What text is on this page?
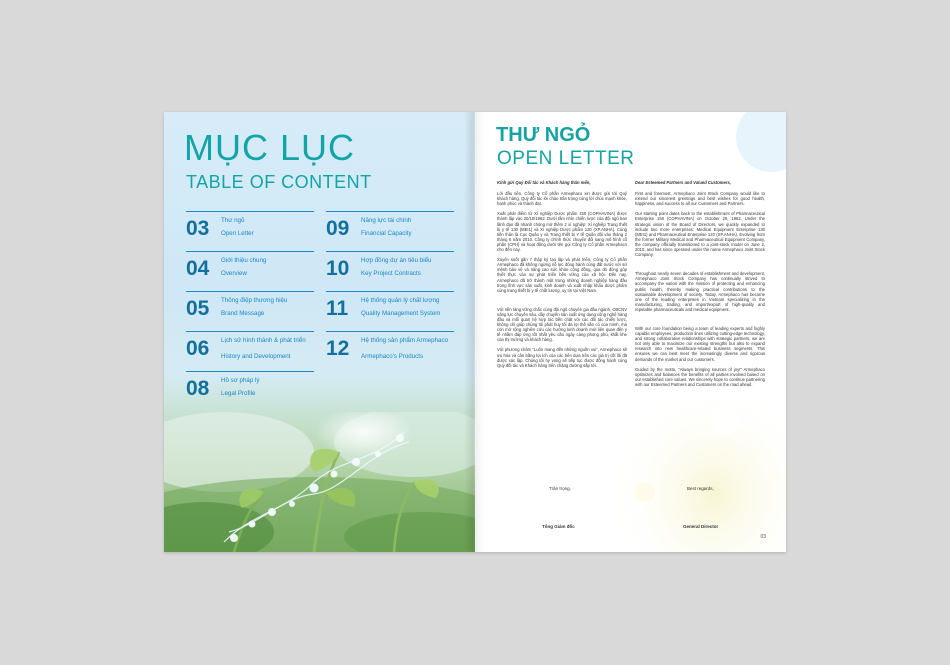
MỤC LỤC
TABLE OF CONTENT
03 Thư ngỏ
Open Letter
04 Giới thiệu chung
Overview
05 Thông điệp thương hiệu
Brand Message
06 Lịch sử hình thành & phát triển
History and Development
08 Hồ sơ pháp lý
Legal Profile
09 Năng lực tài chính
Financial Capacity
10 Hợp đồng dự án tiêu biểu
Key Project Contracts
11 Hệ thống quản lý chất lượng
Quality Management System
12 Hệ thống sản phẩm Armephaco
Armephaco's Products
THƯ NGỎ
OPEN LETTER

Kính gửi Quý Đối tác và Khách hàng thân mến,

Lời đầu tiên, Công ty Cổ phần Armephaco xin được gửi tới Quý khách hàng, Quý đối tác lời chào trân trọng cùng lời chúc mạnh khỏe, hạnh phúc và thành đạt.

Xuất phát điểm từ Xí nghiệp Dược phẩm 150 (COPHAVINA) được thành lập vào 20/10/1962. Dưới tầm nhìn chiến lược của đội ngũ ban lãnh đạo đã nhanh chóng mở thêm 2 xí nghiệp: Xí nghiệp Trang thiết bị y tế 130 (MEI1) và Xí nghiệp Dược phẩm 120 (XP.ANHA). Cùng tiền thân là Cục Quân y và Trang thiết bị Y tế Quân đội vào tháng 2 tháng 6 năm 2010, Công ty chính thức chuyển đổi sang mô hình cổ phần (CPH) và hoạt động dưới tên gọi Công ty Cổ phần Armephaco cho đến nay.

Xuyên suốt gần 7 thập kỷ tạo lập và phát triển, Công ty Cổ phần Armephaco đã không ngừng nỗ lực đóng hành cùng đất nước với sứ mệnh bảo vệ và nâng cao sức khỏe cộng đồng, qua đó đóng góp thiết thực vào sự phát triển bền vững của xã hội. Đến nay, Armephaco đã trở thành một trong những doanh nghiệp hàng đầu trong lĩnh vực sản xuất, kinh doanh và xuất nhập khẩu dược phẩm cùng trang thiết bị y tế chất lượng, uy tín tại Việt Nam.

Với nền tảng vững chắc cùng đội ngũ chuyên gia đầu ngành, CBCNV năng lực chuyên sâu, dây chuyền sản xuất ứng dụng công nghệ hàng đầu và mối quan hệ hợp tác bền chặt với các đối tác chiến lược, không chỉ giúp chúng tôi phát huy tối đa lợi thế sẵn có của mình, mà còn mở rộng nghiên cứu các hướng kinh doanh mới liên quan đến y tế nhằm đáp ứng tốt nhất yêu cầu ngày càng phong phú, khắt khe của thị trường và khách hàng.

Với phương châm "Luôn mang đến những nguồn vui", Armephaco sẽ ưu hóa và cân bằng lợi ích của các bên dựa trên các giá trị cốt lõi đã được xác lập. Chúng tôi hy vọng sẽ tiếp tục được đồng hành cùng Quý đối tác và Khách hàng trên chặng đường sắp tới.

Dear Esteemed Partners and Valued Customers,

First and foremost, Armephaco Joint Stock Company would like to extend our sincerest greetings and best wishes for good health, happiness, and success to all our Customers and Partners.

Our starting point dates back to the establishment of Pharmaceutical Enterprise 150 (COPHAVINA) on October 20, 1962. Under the strategic vision of the Board of Directors, we quickly expanded to include two more enterprises: Medical Equipment Enterprise 130 (MEI1) and Pharmaceutical Enterprise 120 (XP.ANHA). Evolving from the former Military Medical and Pharmaceutical Equipment Company, the company officially transitioned to a joint-stock model on June 2, 2010, and has since operated under the name Armephaco Joint Stock Company.

Throughout nearly seven decades of establishment and development, Armephaco Joint Stock Company has continually strived to accompany the nation with the mission of protecting and enhancing public health, thereby making practical contributions to the sustainable development of society. Today, Armephaco has become one of the leading enterprises in Vietnam specializing in the manufacturing, trading, and import/export of high-quality and reputable pharmaceuticals and medical equipment.

With our core foundation being a team of leading experts and highly capable employees, production lines utilizing cutting-edge technology, and strong collaborative relationships with strategic partners, we are not only able to maximize our existing strengths but also to expand research into new healthcare-related business segments. This ensures we can best meet the increasingly diverse and rigorous demands of the market and our customers.

Guided by the motto, "Always bringing sources of joy!" Armephaco optimizes and balances the benefits of all parties involved based on our established core values. We sincerely hope to continue partnering with our Esteemed Partners and Customers on the road ahead.

Trân trọng,	Best regards,
Tổng Giám đốc	General Director
03
